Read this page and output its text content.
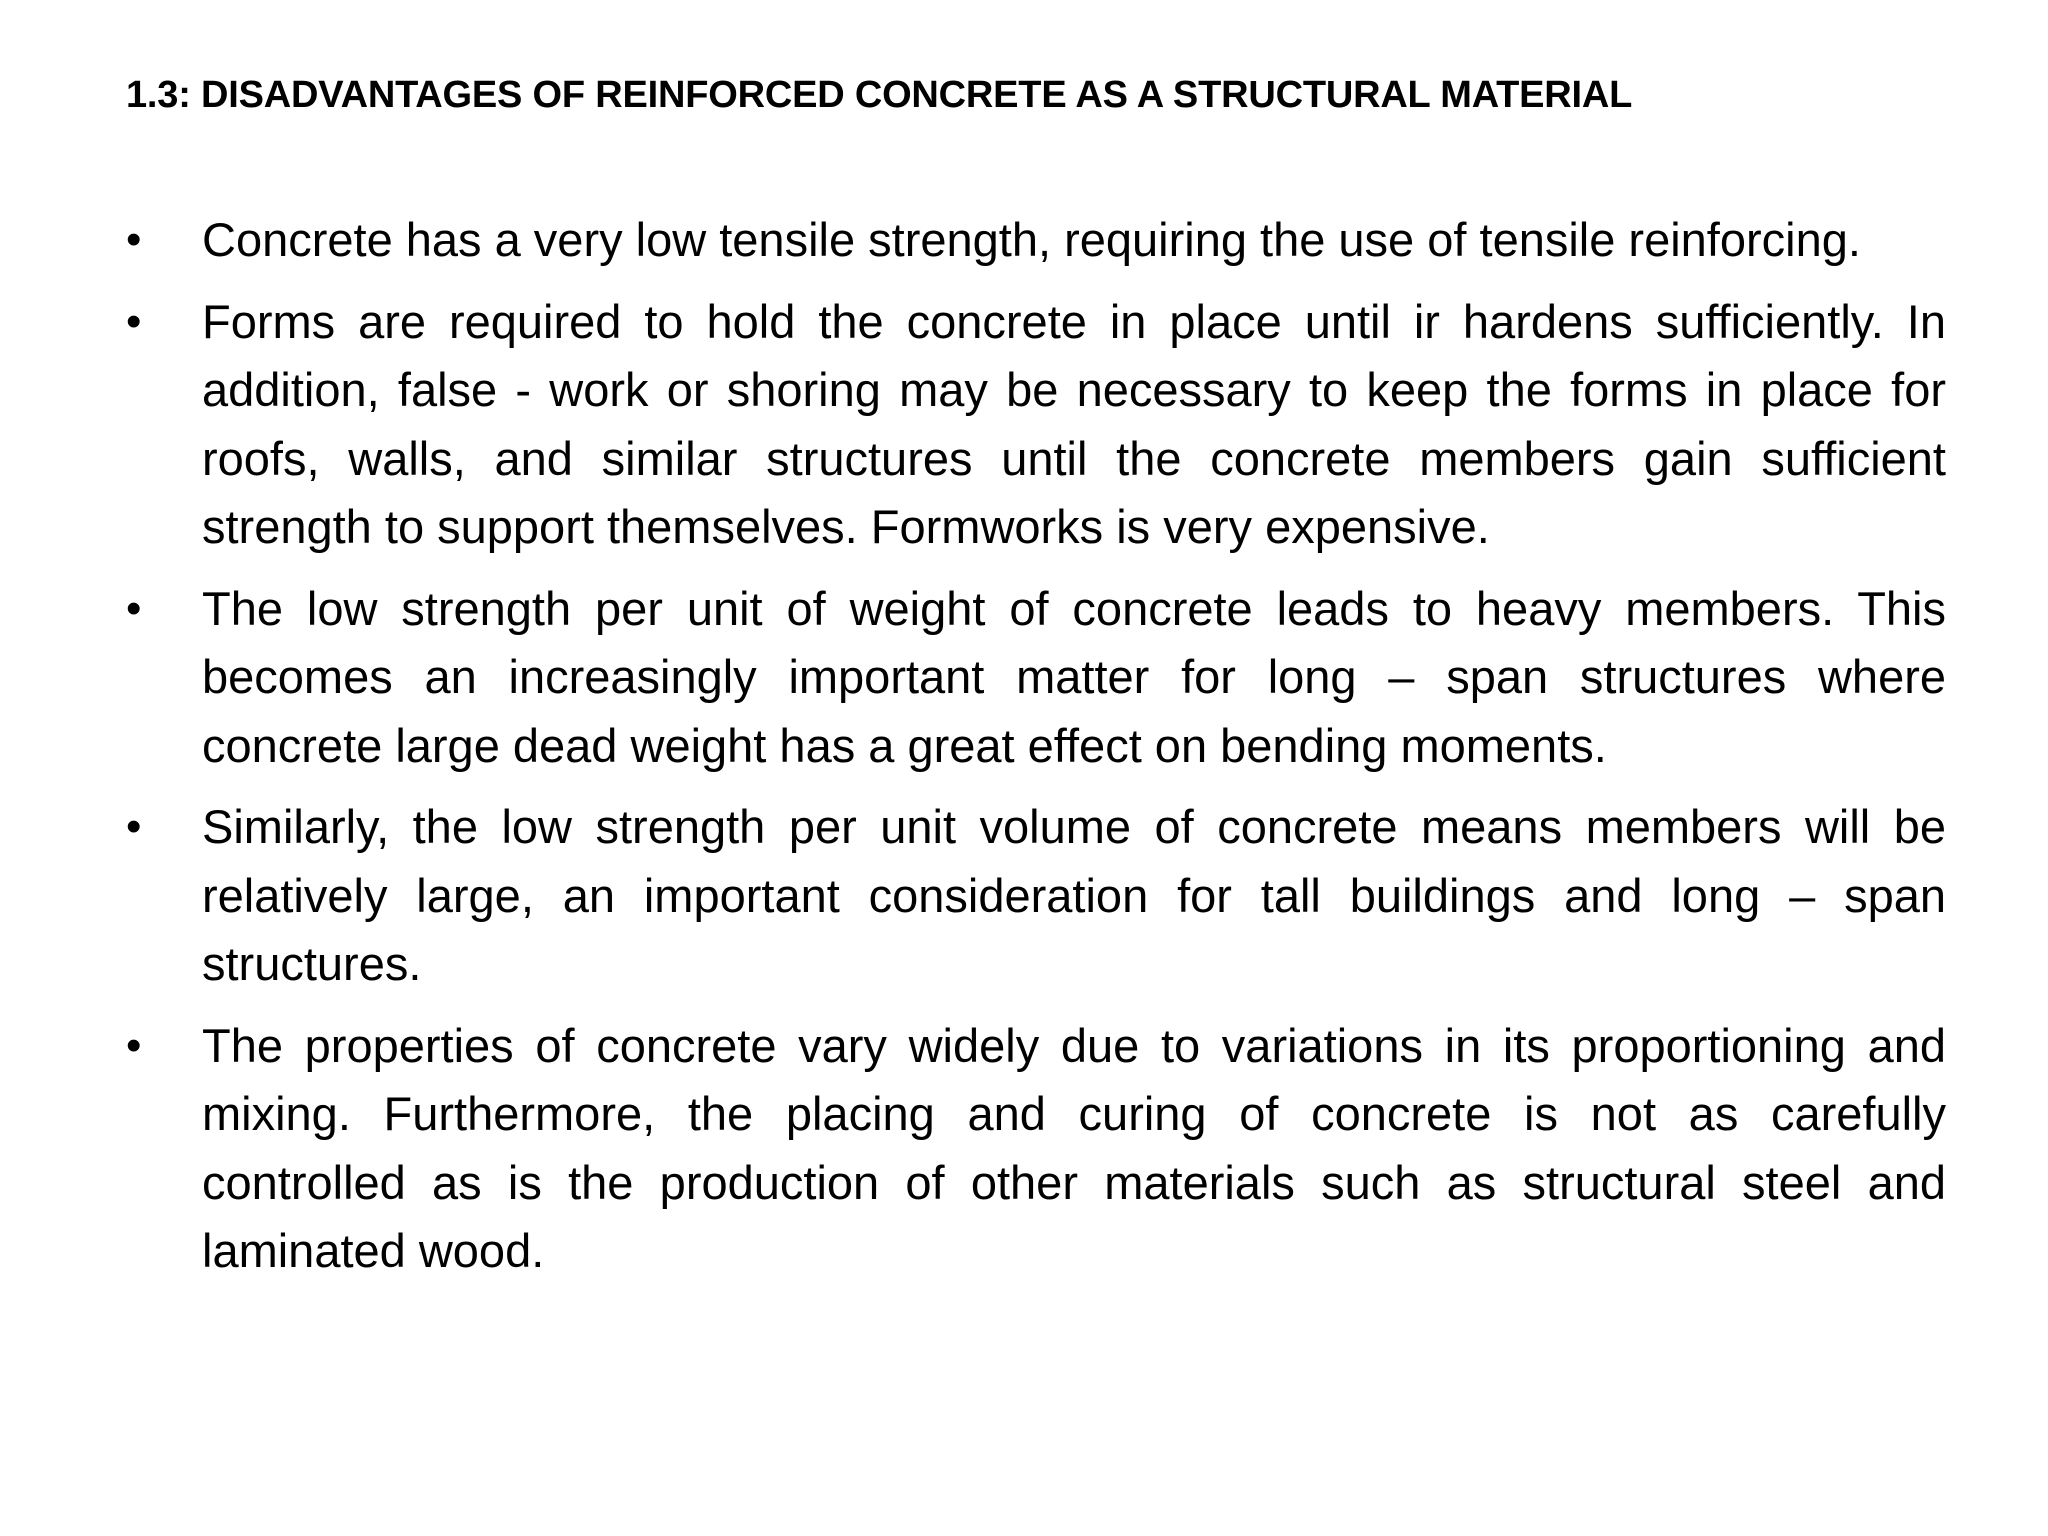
1.3: DISADVANTAGES OF REINFORCED CONCRETE AS A STRUCTURAL MATERIAL
•	Concrete has a very low tensile strength, requiring the use of tensile reinforcing.
•	Forms are required to hold the concrete in place until ir hardens sufficiently. In addition, false - work or shoring may be necessary to keep the forms in place for roofs, walls, and similar structures until the concrete members gain sufficient strength to support themselves. Formworks is very expensive.
•	The low strength per unit of weight of concrete leads to heavy members. This becomes an increasingly important matter for long – span structures where concrete large dead weight has a great effect on bending moments.
•	Similarly, the low strength per unit volume of concrete means members will be relatively large, an important consideration for tall buildings and long – span structures.
•	The properties of concrete vary widely due to variations in its proportioning and mixing. Furthermore, the placing and curing of concrete is not as carefully controlled as is the production of other materials such as structural steel and laminated wood.
